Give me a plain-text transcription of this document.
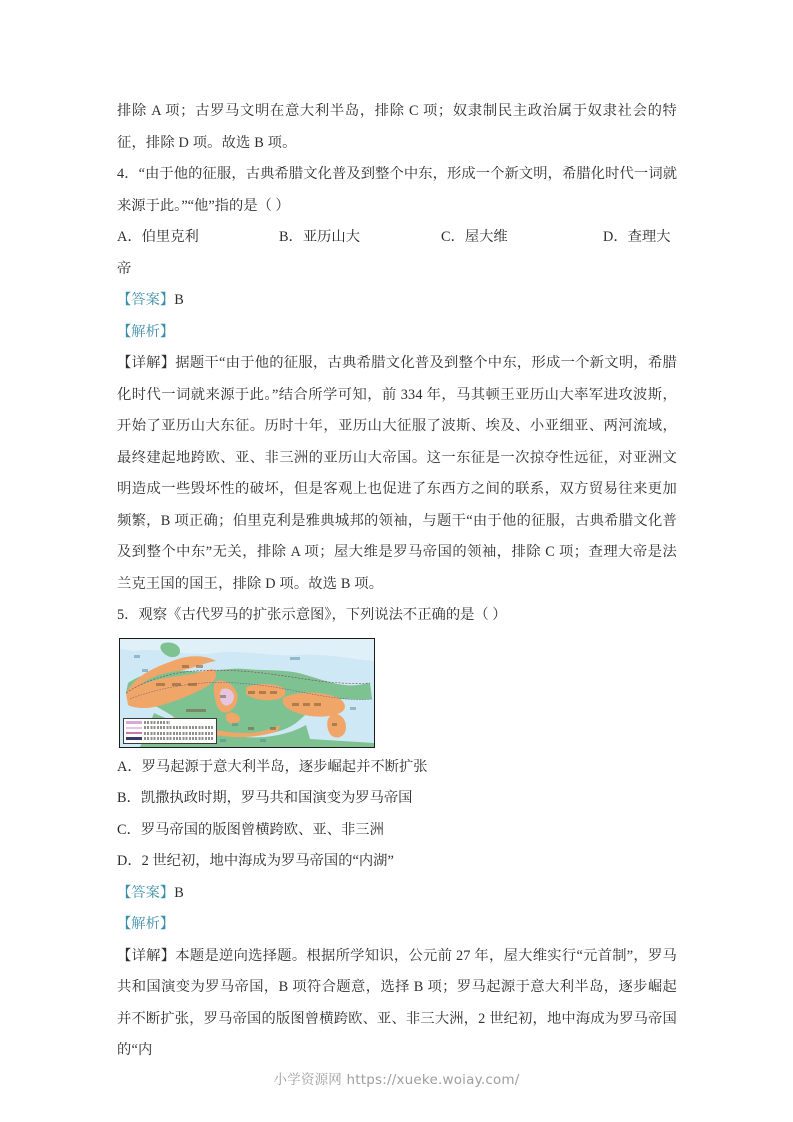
排除 A 项；古罗马文明在意大利半岛，排除 C 项；奴隶制民主政治属于奴隶社会的特征，排除 D 项。故选 B 项。

4．“由于他的征服，古典希腊文化普及到整个中东，形成一个新文明，希腊化时代一词就来源于此。”“他”指的是（ ）

A．伯里克利	B．亚历山大	C．屋大维	D．查理大

帝

【答案】B

【解析】

【详解】据题干“由于他的征服，古典希腊文化普及到整个中东，形成一个新文明，希腊化时代一词就来源于此。”结合所学可知，前 334 年，马其顿王亚历山大率军进攻波斯，开始了亚历山大东征。历时十年，亚历山大征服了波斯、埃及、小亚细亚、两河流域，最终建起地跨欧、亚、非三洲的亚历山大帝国。这一东征是一次掠夺性远征，对亚洲文明造成一些毁坏性的破坏，但是客观上也促进了东西方之间的联系，双方贸易往来更加频繁，B 项正确；伯里克利是雅典城邦的领袖，与题干“由于他的征服，古典希腊文化普及到整个中东”无关，排除 A 项；屋大维是罗马帝国的领袖，排除 C 项；查理大帝是法兰克王国的国王，排除 D 项。故选 B 项。

5．观察《古代罗马的扩张示意图》，下列说法不正确的是（ ）

A．罗马起源于意大利半岛，逐步崛起并不断扩张

B．凯撒执政时期，罗马共和国演变为罗马帝国

C．罗马帝国的版图曾横跨欧、亚、非三洲

D．2 世纪初，地中海成为罗马帝国的“内湖”

【答案】B

【解析】

【详解】本题是逆向选择题。根据所学知识，公元前 27 年，屋大维实行“元首制”，罗马共和国演变为罗马帝国，B 项符合题意，选择 B 项；罗马起源于意大利半岛，逐步崛起并不断扩张，罗马帝国的版图曾横跨欧、亚、非三大洲，2 世纪初，地中海成为罗马帝国的“内

小学资源网 https://xueke.woiay.com/
